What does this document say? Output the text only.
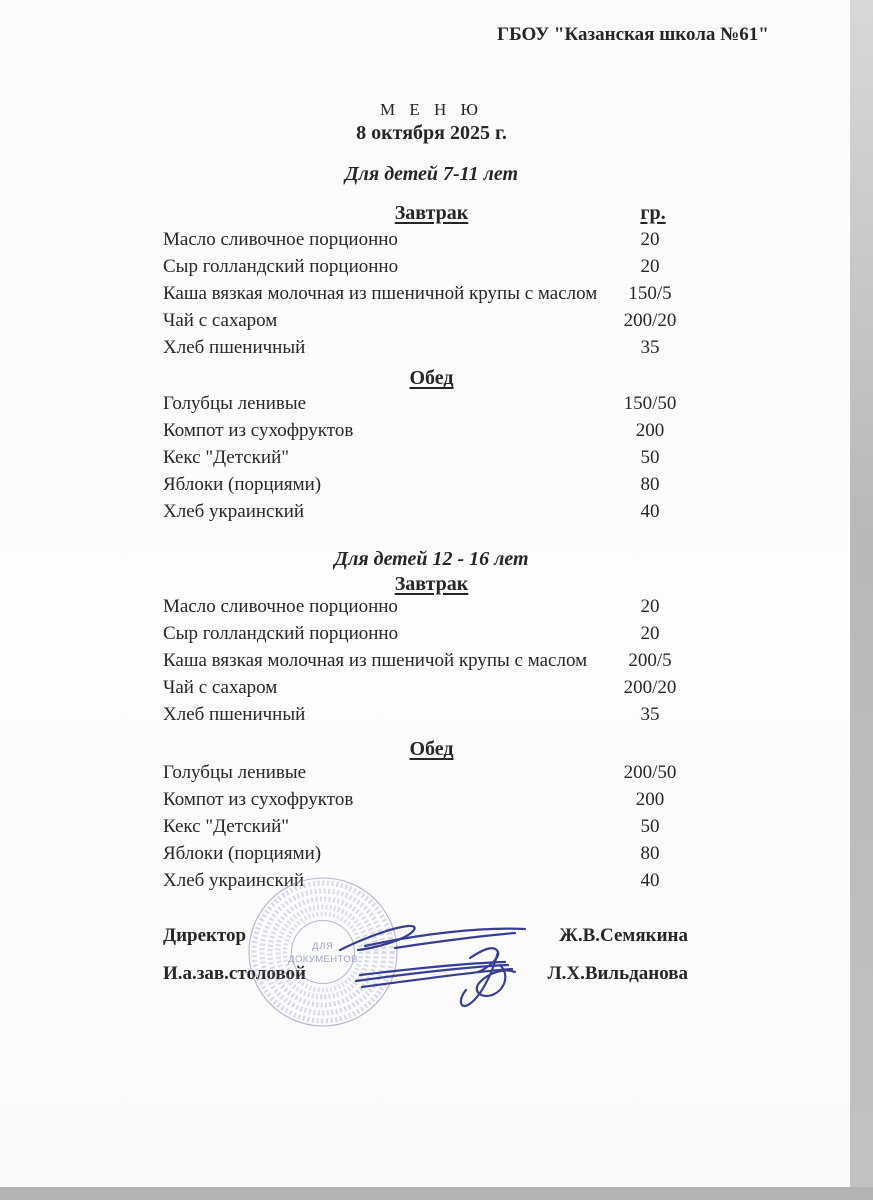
ГБОУ "Казанская школа №61"
М Е Н Ю
8 октября 2025 г.
Для детей 7-11 лет
Завтрак	гр.
Масло сливочное порционно	20
Сыр голландский порционно	20
Каша вязкая молочная из пшеничной крупы с маслом	150/5
Чай с сахаром	200/20
Хлеб пшеничный	35
Обед
Голубцы ленивые	150/50
Компот из сухофруктов	200
Кекс "Детский"	50
Яблоки (порциями)	80
Хлеб украинский	40
Для детей 12 - 16 лет
Завтрак
Масло сливочное порционно	20
Сыр голландский порционно	20
Каша вязкая молочная из пшеничой крупы с маслом	200/5
Чай с сахаром	200/20
Хлеб пшеничный	35
Обед
Голубцы ленивые	200/50
Компот из сухофруктов	200
Кекс "Детский"	50
Яблоки (порциями)	80
Хлеб украинский	40
Директор	Ж.В.Семякина
И.а.зав.столовой	Л.Х.Вильданова
ДЛЯ
ДОКУМЕНТОВ
